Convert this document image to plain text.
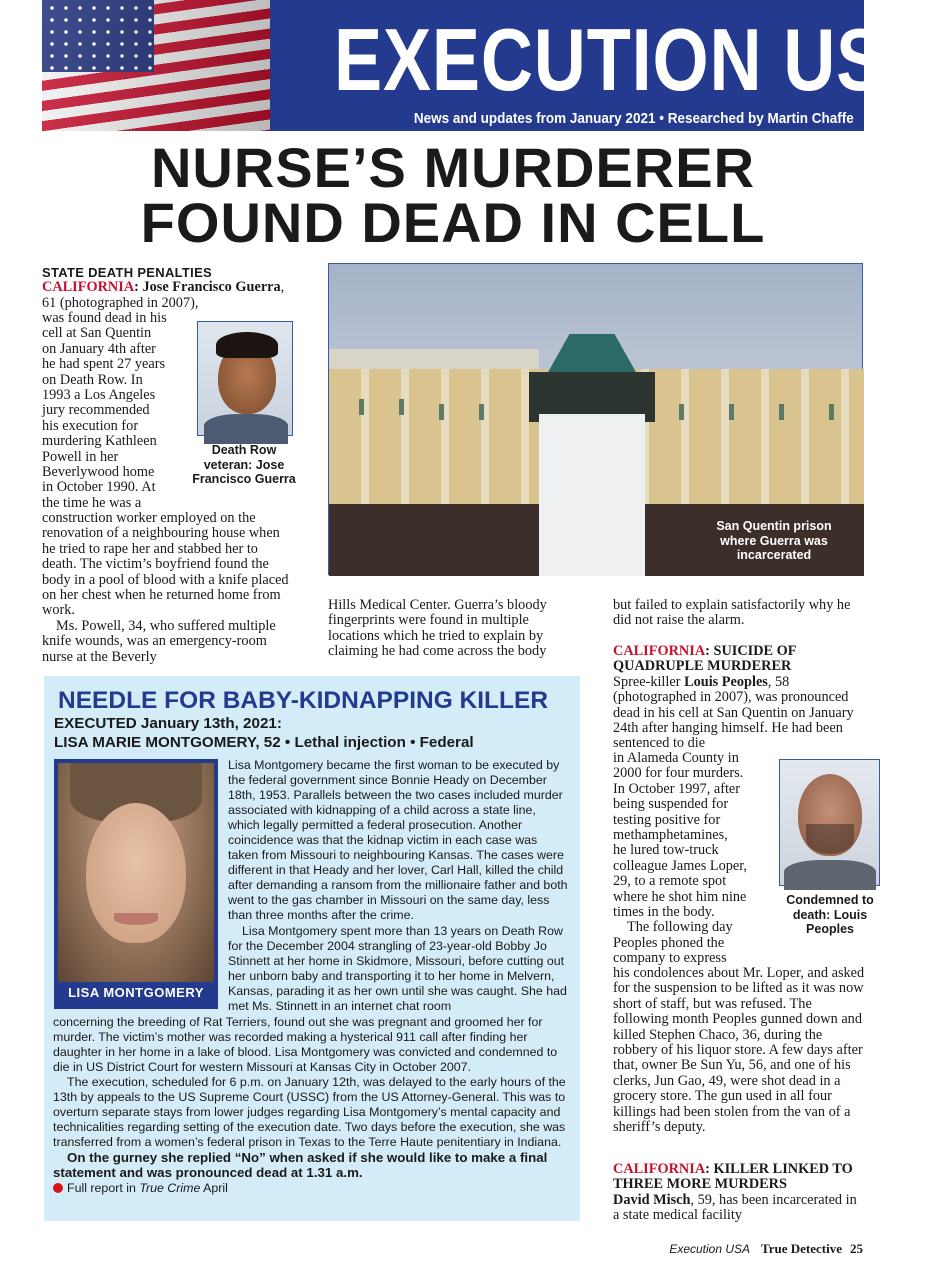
EXECUTION USA
News and updates from January 2021 • Researched by Martin Chaffe
NURSE’S MURDERER
FOUND DEAD IN CELL
STATE DEATH PENALTIES
CALIFORNIA: Jose Francisco Guerra, 61 (photographed in 2007),
was found dead in his
cell at San Quentin
on January 4th after
he had spent 27 years
on Death Row. In
1993 a Los Angeles
jury recommended
his execution for
murdering Kathleen
Powell in her
Beverlywood home
in October 1990. At
the time he was a
construction worker employed on the renovation of a neighbouring house when he tried to rape her and stabbed her to death. The victim’s boyfriend found the body in a pool of blood with a knife placed on her chest when he returned home from work.
Ms. Powell, 34, who suffered multiple knife wounds, was an emergency-room nurse at the Beverly
Death Row veteran: Jose Francisco Guerra
San Quentin prison where Guerra was incarcerated
Hills Medical Center. Guerra’s bloody fingerprints were found in multiple locations which he tried to explain by claiming he had come across the body
but failed to explain satisfactorily why he did not raise the alarm.
CALIFORNIA: SUICIDE OF QUADRUPLE MURDERER
Spree-killer Louis Peoples, 58 (photographed in 2007), was pronounced dead in his cell at San Quentin on January 24th after hanging himself. He had been sentenced to die
in Alameda County in
2000 for four murders.
In October 1997, after
being suspended for
testing positive for
methamphetamines,
he lured tow-truck
colleague James Loper,
29, to a remote spot
where he shot him nine
times in the body.
The following day
Peoples phoned the
company to express
his condolences about Mr. Loper, and asked for the suspension to be lifted as it was now short of staff, but was refused. The following month Peoples gunned down and killed Stephen Chaco, 36, during the robbery of his liquor store. A few days after that, owner Be Sun Yu, 56, and one of his clerks, Jun Gao, 49, were shot dead in a grocery store. The gun used in all four killings had been stolen from the van of a sheriff’s deputy.
Condemned to death: Louis Peoples
CALIFORNIA: KILLER LINKED TO THREE MORE MURDERS
David Misch, 59, has been incarcerated in a state medical facility
NEEDLE FOR BABY-KIDNAPPING KILLER
EXECUTED January 13th, 2021:
LISA MARIE MONTGOMERY, 52 • Lethal injection • Federal
LISA MONTGOMERY
Lisa Montgomery became the first woman to be executed by the federal government since Bonnie Heady on December 18th, 1953. Parallels between the two cases included murder associated with kidnapping of a child across a state line, which legally permitted a federal prosecution. Another coincidence was that the kidnap victim in each case was taken from Missouri to neighbouring Kansas. The cases were different in that Heady and her lover, Carl Hall, killed the child after demanding a ransom from the millionaire father and both went to the gas chamber in Missouri on the same day, less than three months after the crime.
Lisa Montgomery spent more than 13 years on Death Row for the December 2004 strangling of 23-year-old Bobby Jo Stinnett at her home in Skidmore, Missouri, before cutting out her unborn baby and transporting it to her home in Melvern, Kansas, parading it as her own until she was caught. She had met Ms. Stinnett in an internet chat room
concerning the breeding of Rat Terriers, found out she was pregnant and groomed her for murder. The victim’s mother was recorded making a hysterical 911 call after finding her daughter in her home in a lake of blood. Lisa Montgomery was convicted and condemned to die in US District Court for western Missouri at Kansas City in October 2007.
The execution, scheduled for 6 p.m. on January 12th, was delayed to the early hours of the 13th by appeals to the US Supreme Court (USSC) from the US Attorney-General. This was to overturn separate stays from lower judges regarding Lisa Montgomery’s mental capacity and technicalities regarding setting of the execution date. Two days before the execution, she was transferred from a women’s federal prison in Texas to the Terre Haute penitentiary in Indiana.
On the gurney she replied “No” when asked if she would like to make a final statement and was pronounced dead at 1.31 a.m.
Full report in True Crime April
Execution USA True Detective 25
